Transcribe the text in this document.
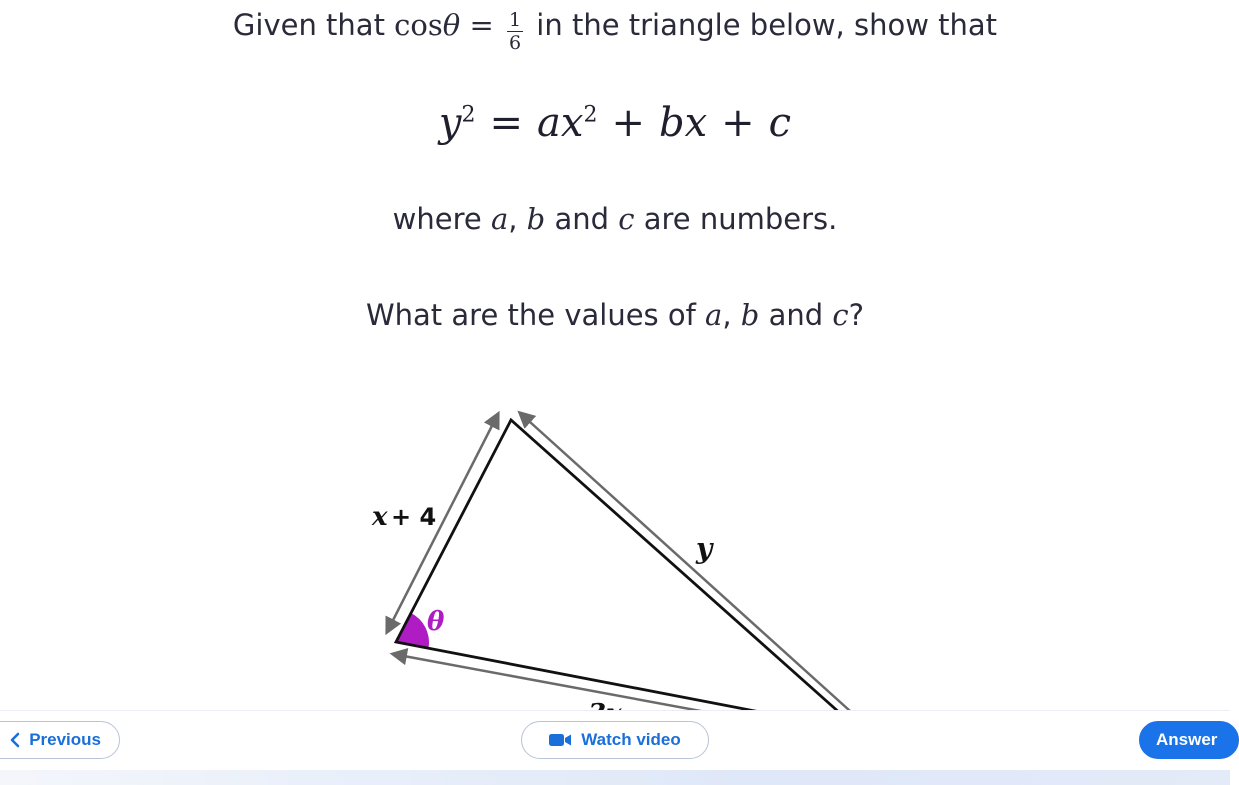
Given that $\cos\theta = \frac{1}{6}$ in the triangle below, show that
$y^2 = ax^2$ + bx + c
where a, b and c are numbers.
What are the values of a, b and c?
x + 4
y
θ
Previous	Watch video	Answer
